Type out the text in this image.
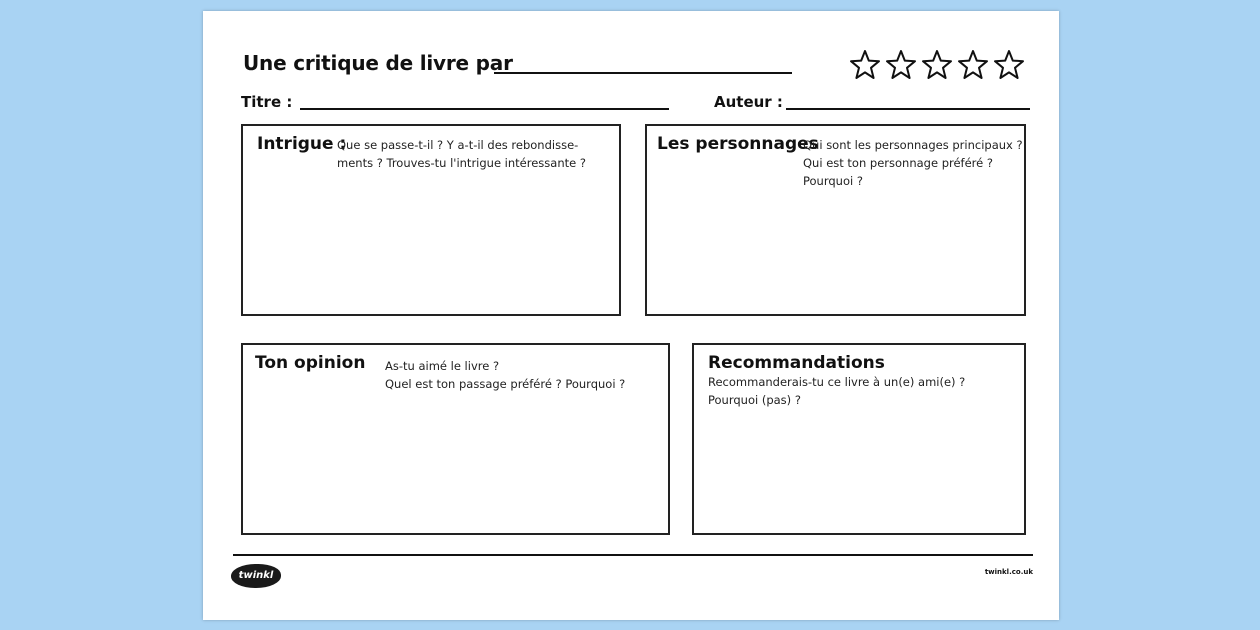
Une critique de livre par
Titre :	Auteur :
Intrigue :
Que se passe-t-il ? Y a-t-il des rebondisse-ments ? Trouves-tu l'intrigue intéressante ?
Les personnages
Qui sont les personnages principaux ?
Qui est ton personnage préféré ?
Pourquoi ?
Ton opinion As-tu aimé le livre ?
Quel est ton passage préféré ? Pourquoi ?
Recommandations
Recommanderais-tu ce livre à un(e) ami(e) ? Pourquoi (pas) ?
twinkl	twinkl.co.uk
